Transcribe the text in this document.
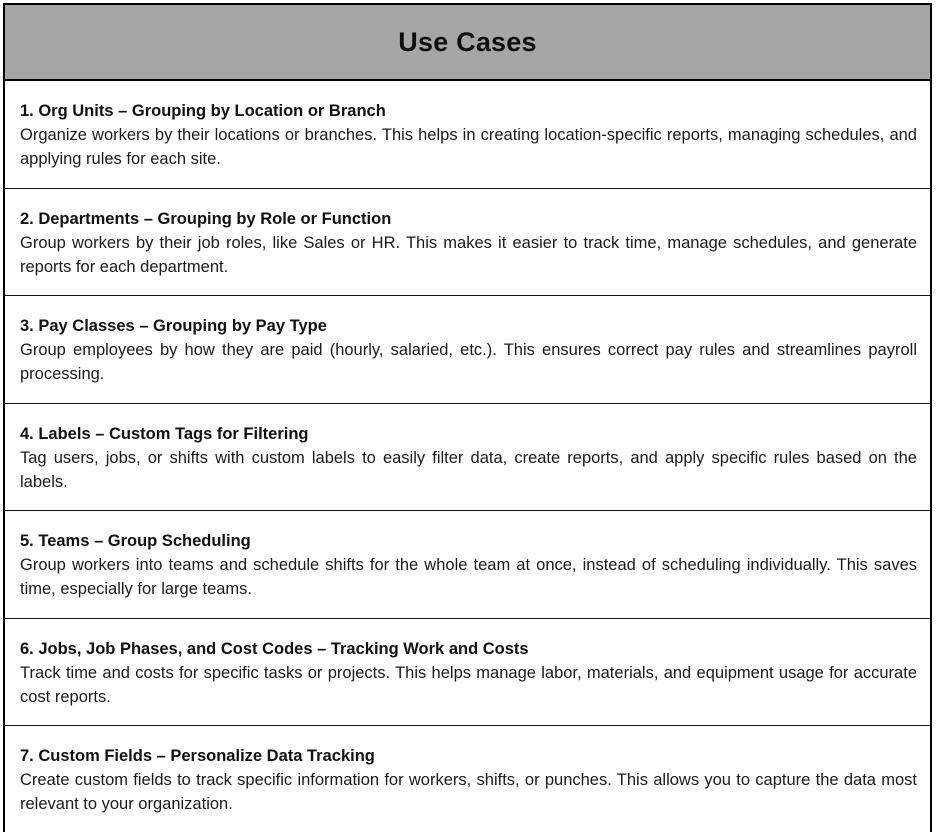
Use Cases
1. Org Units – Grouping by Location or Branch
Organize workers by their locations or branches. This helps in creating location-specific reports, managing schedules, and applying rules for each site.
2. Departments – Grouping by Role or Function
Group workers by their job roles, like Sales or HR. This makes it easier to track time, manage schedules, and generate reports for each department.
3. Pay Classes – Grouping by Pay Type
Group employees by how they are paid (hourly, salaried, etc.). This ensures correct pay rules and streamlines payroll processing.
4. Labels – Custom Tags for Filtering
Tag users, jobs, or shifts with custom labels to easily filter data, create reports, and apply specific rules based on the labels.
5. Teams – Group Scheduling
Group workers into teams and schedule shifts for the whole team at once, instead of scheduling individually. This saves time, especially for large teams.
6. Jobs, Job Phases, and Cost Codes – Tracking Work and Costs
Track time and costs for specific tasks or projects. This helps manage labor, materials, and equipment usage for accurate cost reports.
7. Custom Fields – Personalize Data Tracking
Create custom fields to track specific information for workers, shifts, or punches. This allows you to capture the data most relevant to your organization.
